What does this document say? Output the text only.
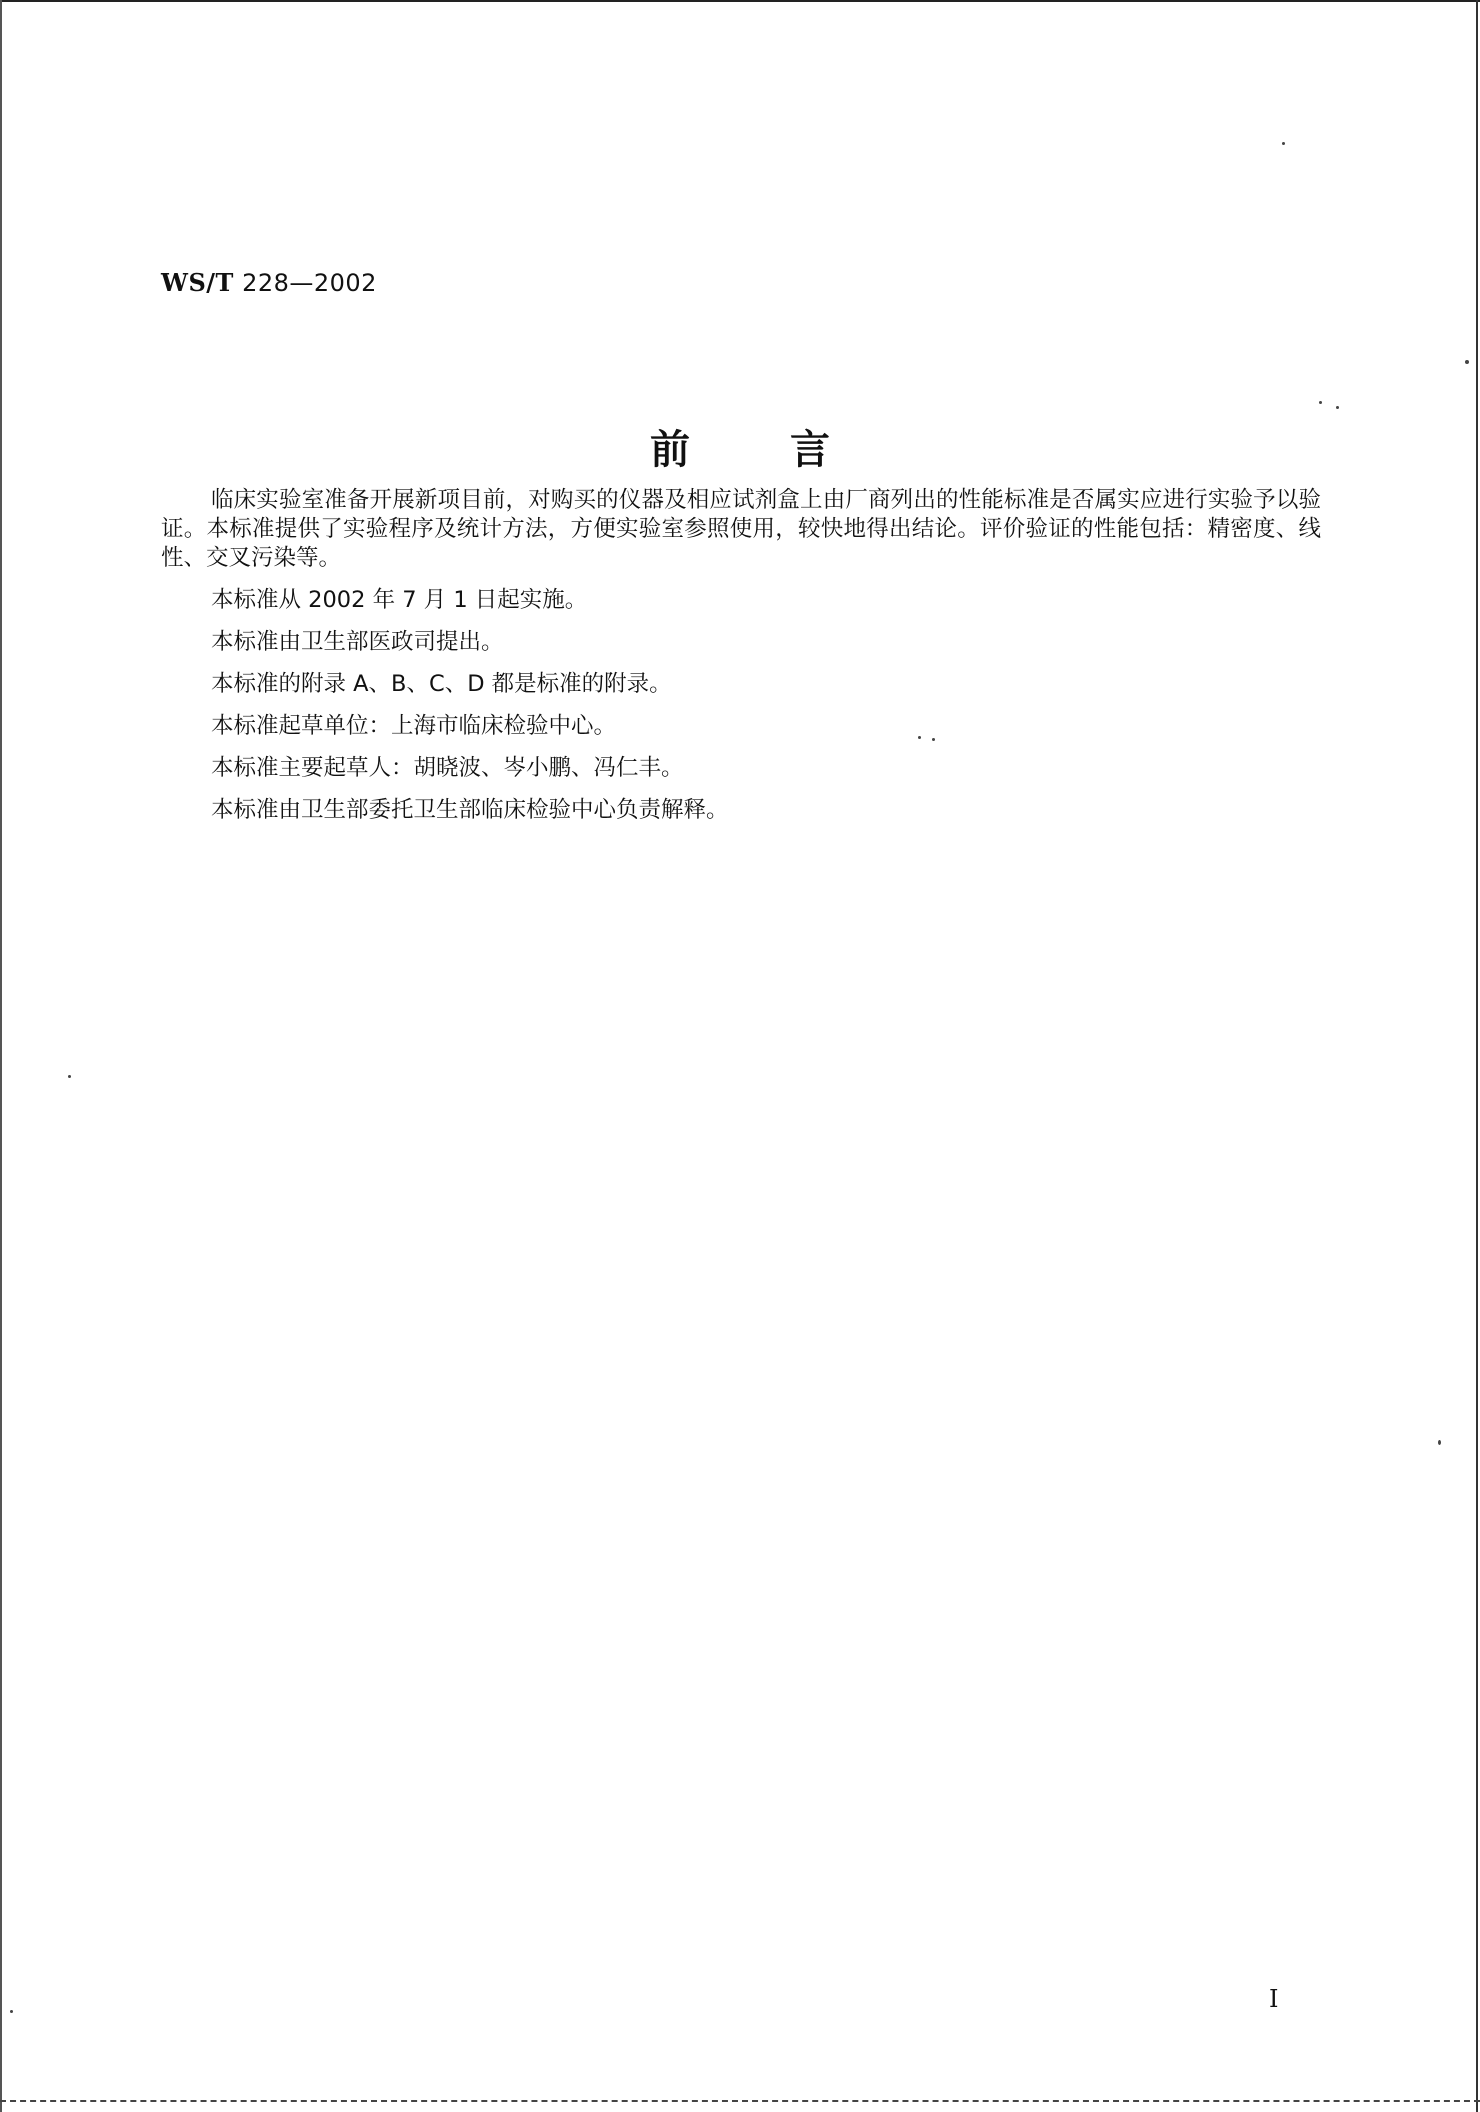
WS/T 228—2002
前言

临床实验室准备开展新项目前，对购买的仪器及相应试剂盒上由厂商列出的性能标准是否属实应进行实验予以验证。本标准提供了实验程序及统计方法，方便实验室参照使用，较快地得出结论。评价验证的性能包括：精密度、线性、交叉污染等。

本标准从 2002 年 7 月 1 日起实施。

本标准由卫生部医政司提出。

本标准的附录 A、B、C、D 都是标准的附录。

本标准起草单位：上海市临床检验中心。

本标准主要起草人：胡晓波、岑小鹏、冯仁丰。

本标准由卫生部委托卫生部临床检验中心负责解释。

I
